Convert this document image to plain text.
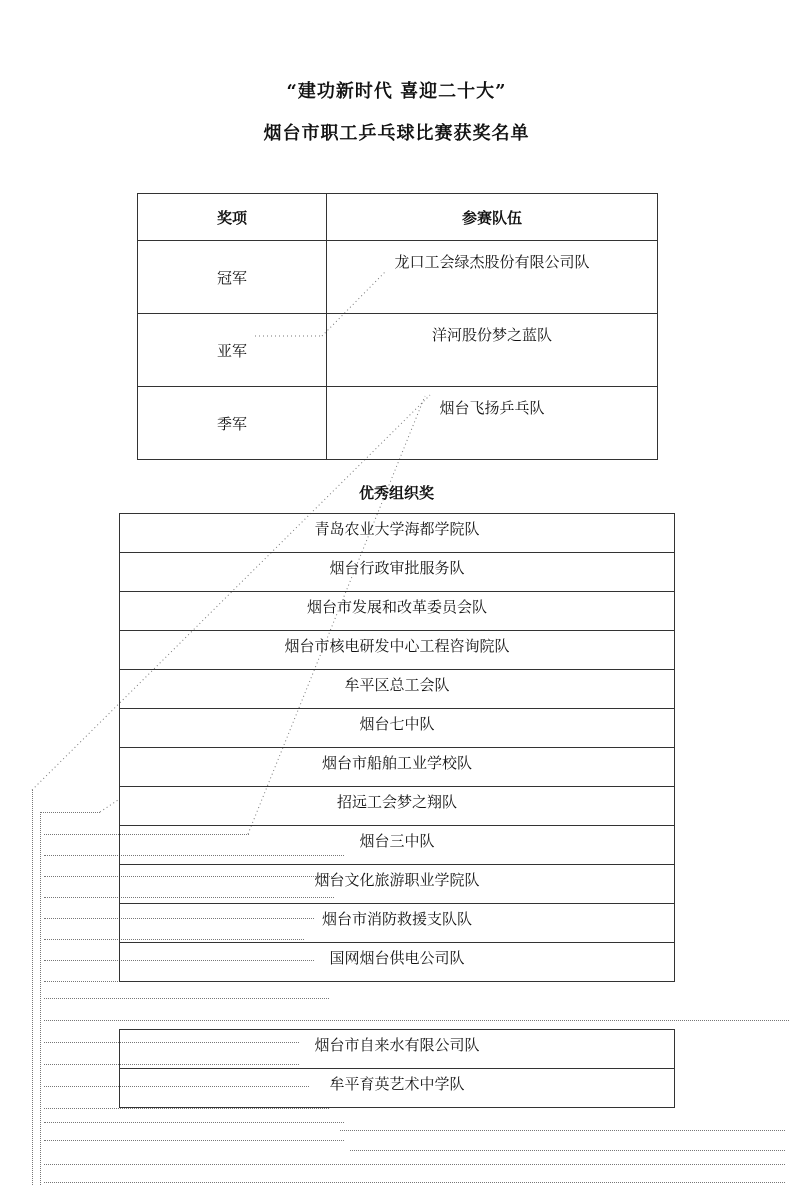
“建功新时代 喜迎二十大”
烟台市职工乒乓球比赛获奖名单
奖项	参赛队伍
冠军	龙口工会绿杰股份有限公司队
亚军	洋河股份梦之蓝队
季军	烟台飞扬乒乓队
优秀组织奖
青岛农业大学海都学院队
烟台行政审批服务队
烟台市发展和改革委员会队
烟台市核电研发中心工程咨询院队
牟平区总工会队
烟台七中队
烟台市船舶工业学校队
招远工会梦之翔队
烟台三中队
烟台文化旅游职业学院队
烟台市消防救援支队队
国网烟台供电公司队
烟台市自来水有限公司队
牟平育英艺术中学队
